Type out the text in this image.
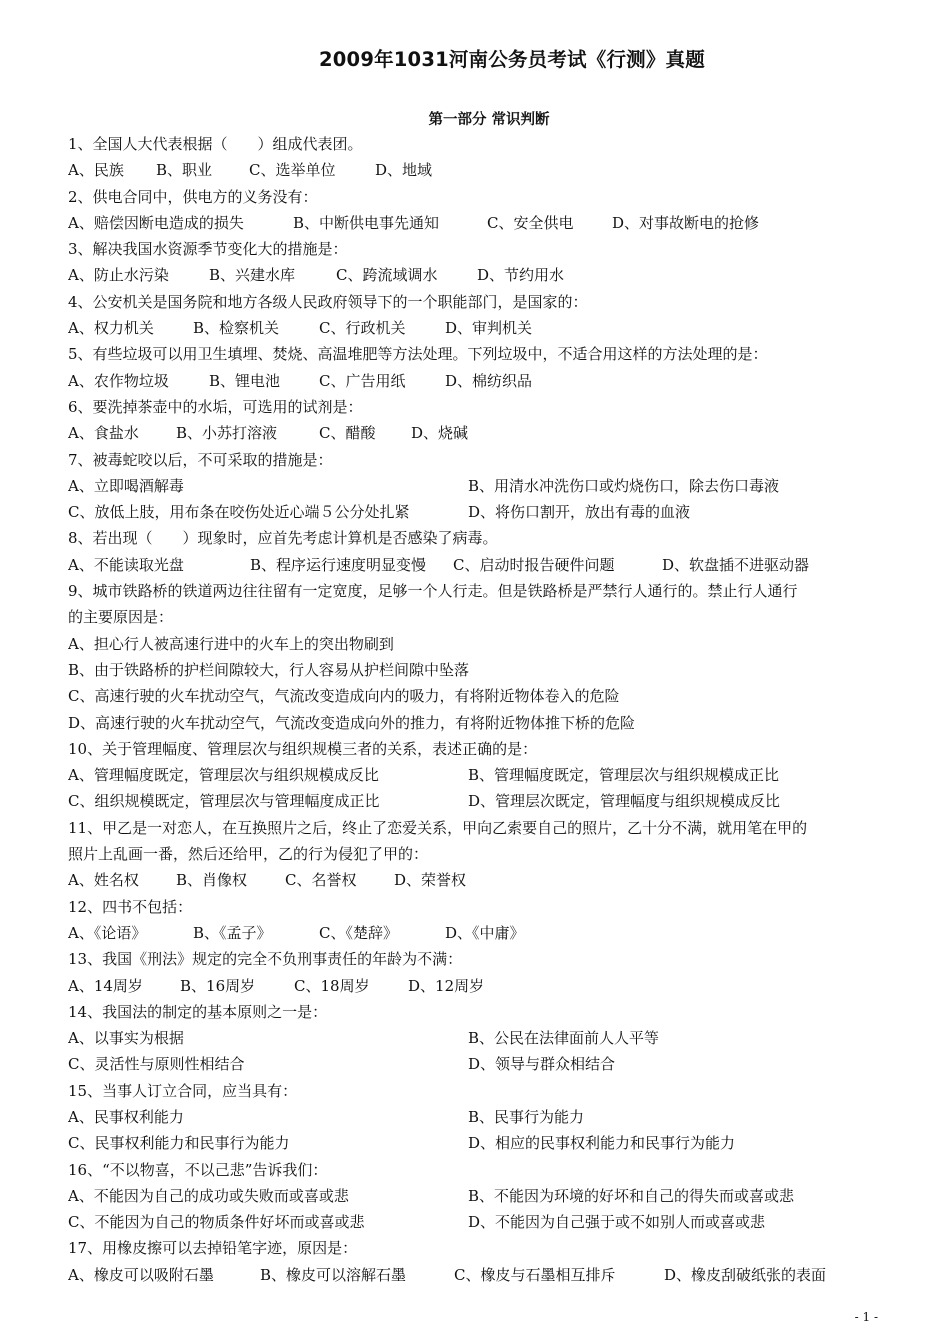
2009年1031河南公务员考试《行测》真题
第一部分 常识判断
1、全国人大代表根据（　　）组成代表团。
A、民族 B、职业 C、选举单位	D、地域
2、供电合同中，供电方的义务没有：
A、赔偿因断电造成的损失	B、中断供电事先通知	C、安全供电	D、对事故断电的抢修
3、解决我国水资源季节变化大的措施是：
A、防止水污染	B、兴建水库	C、跨流域调水	D、节约用水
4、公安机关是国务院和地方各级人民政府领导下的一个职能部门，是国家的：
A、权力机关	B、检察机关	C、行政机关	D、审判机关
5、有些垃圾可以用卫生填埋、焚烧、高温堆肥等方法处理。下列垃圾中，不适合用这样的方法处理的是：
A、农作物垃圾	B、锂电池	C、广告用纸	D、棉纺织品
6、要洗掉茶壶中的水垢，可选用的试剂是：
A、食盐水 B、小苏打溶液	C、醋酸 D、烧碱
7、被毒蛇咬以后，不可采取的措施是：
A、立即喝酒解毒	B、用清水冲洗伤口或灼烧伤口，除去伤口毒液
C、放低上肢，用布条在咬伤处近心端５公分处扎紧	D、将伤口割开，放出有毒的血液
8、若出现（　　）现象时，应首先考虑计算机是否感染了病毒。
A、不能读取光盘	B、程序运行速度明显变慢 C、启动时报告硬件问题	D、软盘插不进驱动器
9、城市铁路桥的铁道两边往往留有一定宽度，足够一个人行走。但是铁路桥是严禁行人通行的。禁止行人通行
的主要原因是：
A、担心行人被高速行进中的火车上的突出物刷到
B、由于铁路桥的护栏间隙较大，行人容易从护栏间隙中坠落
C、高速行驶的火车扰动空气，气流改变造成向内的吸力，有将附近物体卷入的危险
D、高速行驶的火车扰动空气，气流改变造成向外的推力，有将附近物体推下桥的危险
10、关于管理幅度、管理层次与组织规模三者的关系，表述正确的是：
A、管理幅度既定，管理层次与组织规模成反比	B、管理幅度既定，管理层次与组织规模成正比
C、组织规模既定，管理层次与管理幅度成正比	D、管理层次既定，管理幅度与组织规模成反比
11、甲乙是一对恋人，在互换照片之后，终止了恋爱关系，甲向乙索要自己的照片，乙十分不满，就用笔在甲的
照片上乱画一番，然后还给甲，乙的行为侵犯了甲的：
A、姓名权 B、肖像权	C、名誉权	D、荣誉权
12、四书不包括：
A、《论语》	B、《孟子》	C、《楚辞》	D、《中庸》
13、我国《刑法》规定的完全不负刑事责任的年龄为不满：
A、14周岁 B、16周岁	C、18周岁	D、12周岁
14、我国法的制定的基本原则之一是：
A、以事实为根据	B、公民在法律面前人人平等
C、灵活性与原则性相结合	D、领导与群众相结合
15、当事人订立合同，应当具有：
A、民事权利能力	B、民事行为能力
C、民事权利能力和民事行为能力	D、相应的民事权利能力和民事行为能力
16、“不以物喜，不以己悲”告诉我们：
A、不能因为自己的成功或失败而或喜或悲	B、不能因为环境的好坏和自己的得失而或喜或悲
C、不能因为自己的物质条件好坏而或喜或悲	D、不能因为自己强于或不如别人而或喜或悲
17、用橡皮擦可以去掉铅笔字迹，原因是：
A、橡皮可以吸附石墨	B、橡皮可以溶解石墨	C、橡皮与石墨相互排斥	D、橡皮刮破纸张的表面
- 1 -
